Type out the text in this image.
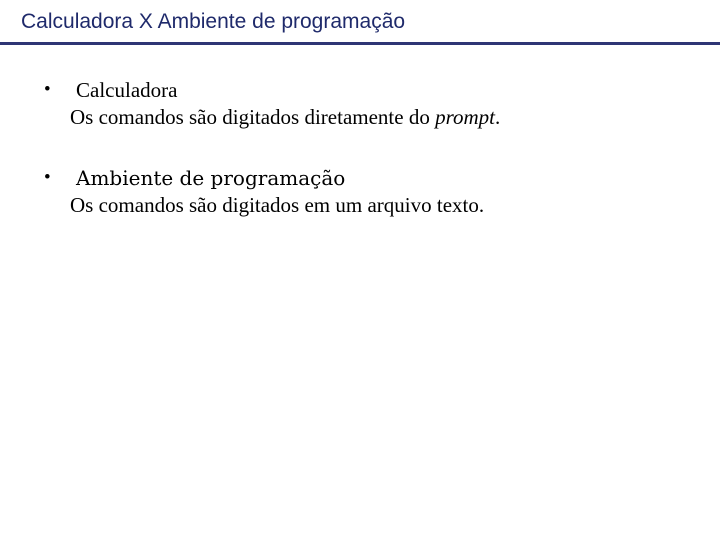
Calculadora X Ambiente de programação
• Calculadora
Os comandos são digitados diretamente do prompt.
• Ambiente de programação
Os comandos são digitados em um arquivo texto.
